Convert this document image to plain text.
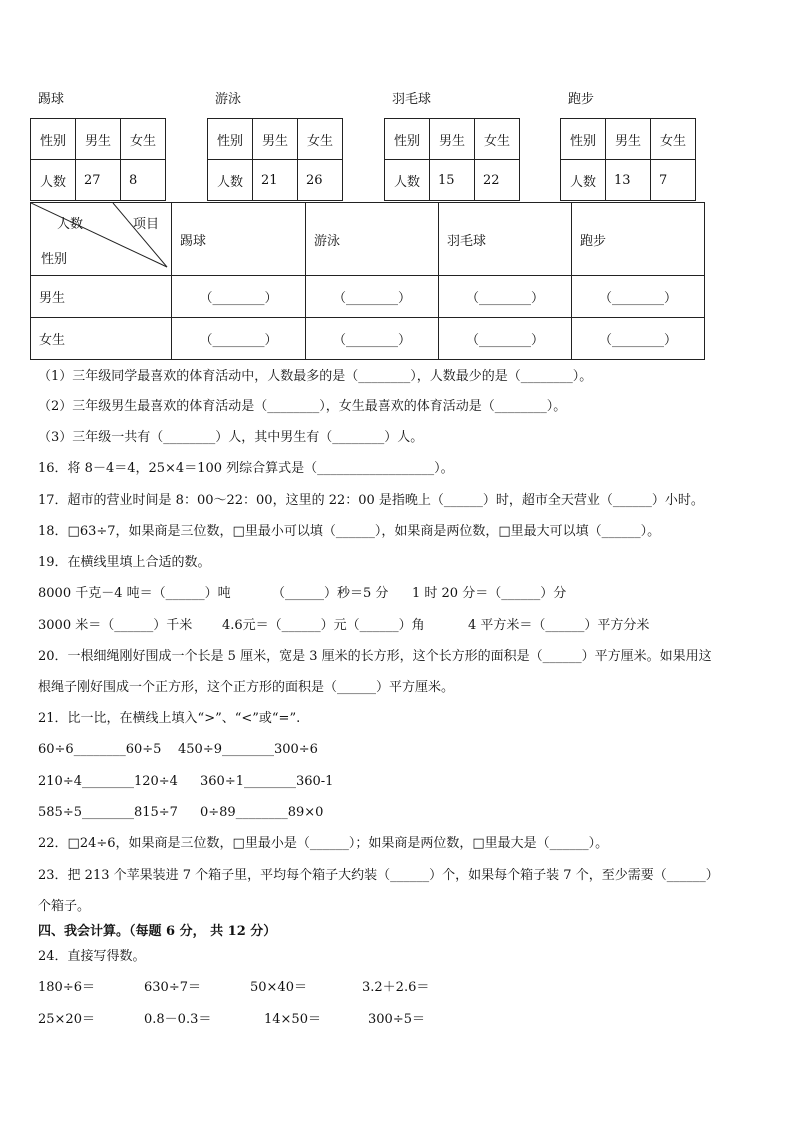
踢球
性别	男生	女生
人数	27	8
游泳
性别	男生	女生
人数	21	26
羽毛球
性别	男生	女生
人数	15	22
跑步
性别	男生	女生
人数	13	7
人数 项目
性别	踢球	游泳	羽毛球	跑步
男生	（________）	（________）	（________）	（________）
女生	（________）	（________）	（________）	（________）
（1）三年级同学最喜欢的体育活动中，人数最多的是（________），人数最少的是（________）。
（2）三年级男生最喜欢的体育活动是（________），女生最喜欢的体育活动是（________）。
（3）三年级一共有（________）人，其中男生有（________）人。
16．将 8－4＝4，25×4＝100 列综合算式是（__________________）。
17．超市的营业时间是 8：00～22：00，这里的 22：00 是指晚上（______）时，超市全天营业（______）小时。
18．□63÷7，如果商是三位数，□里最小可以填（______），如果商是两位数，□里最大可以填（______）。
19．在横线里填上合适的数。
8000 千克－4 吨＝（______）吨	（______）秒＝5 分 1 时 20 分＝（______）分
3000 米＝（______）千米 4.6元＝（______）元（______）角	4 平方米＝（______）平方分米
20．一根细绳刚好围成一个长是 5 厘米，宽是 3 厘米的长方形，这个长方形的面积是（______）平方厘米。如果用这
根绳子刚好围成一个正方形，这个正方形的面积是（______）平方厘米。
21．比一比，在横线上填入“>”、“<”或“=”.
60÷6________60÷5 450÷9________300÷6
210÷4________120÷4 360÷1________360-1
585÷5________815÷7 0÷89________89×0
22．□24÷6，如果商是三位数，□里最小是（______）；如果商是两位数，□里最大是（______）。
23．把 213 个苹果装进 7 个箱子里，平均每个箱子大约装（______）个，如果每个箱子装 7 个，至少需要（______）
个箱子。
四、我会计算。（每题 6 分， 共 12 分）
24．直接写得数。
180÷6＝	630÷7＝	50×40＝	3.2＋2.6＝
25×20＝	0.8－0.3＝	14×50＝	300÷5＝
